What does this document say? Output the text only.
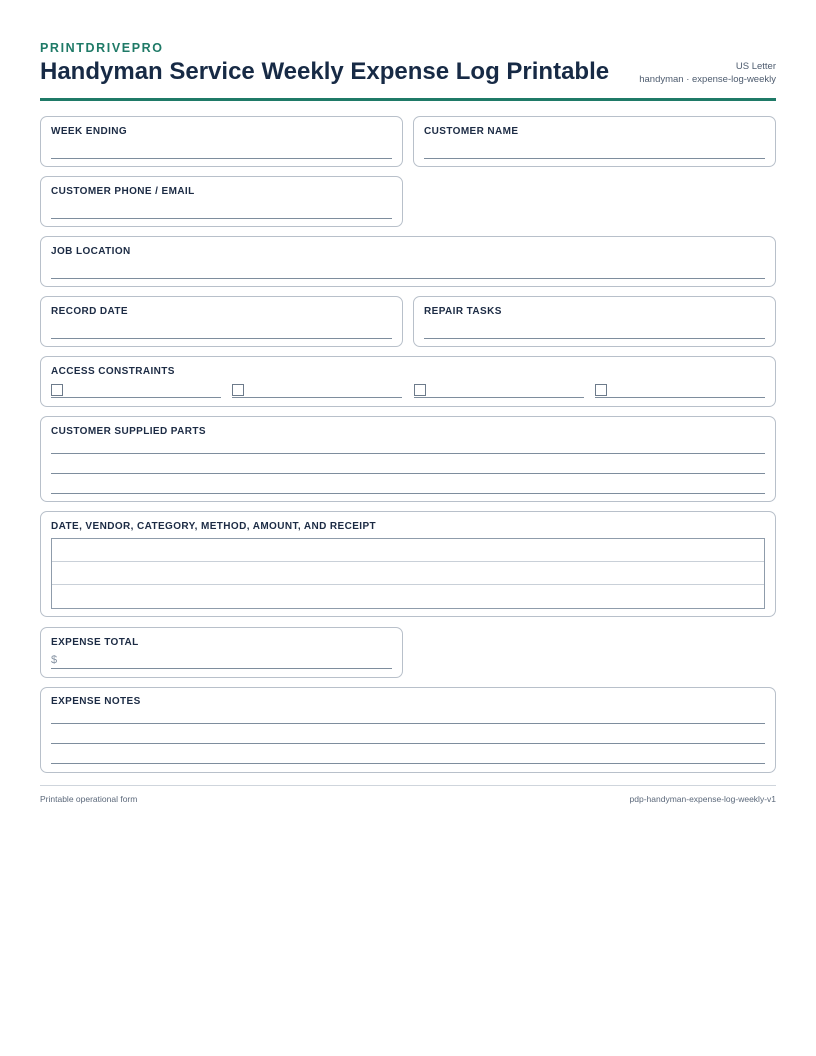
PRINTDRIVEPRO
Handyman Service Weekly Expense Log Printable	US Letter
handyman · expense-log-weekly
WEEK ENDING	CUSTOMER NAME
CUSTOMER PHONE / EMAIL
JOB LOCATION
RECORD DATE	REPAIR TASKS
ACCESS CONSTRAINTS
CUSTOMER SUPPLIED PARTS
DATE, VENDOR, CATEGORY, METHOD, AMOUNT, AND RECEIPT
EXPENSE TOTAL
$
EXPENSE NOTES
Printable operational form	pdp-handyman-expense-log-weekly-v1
